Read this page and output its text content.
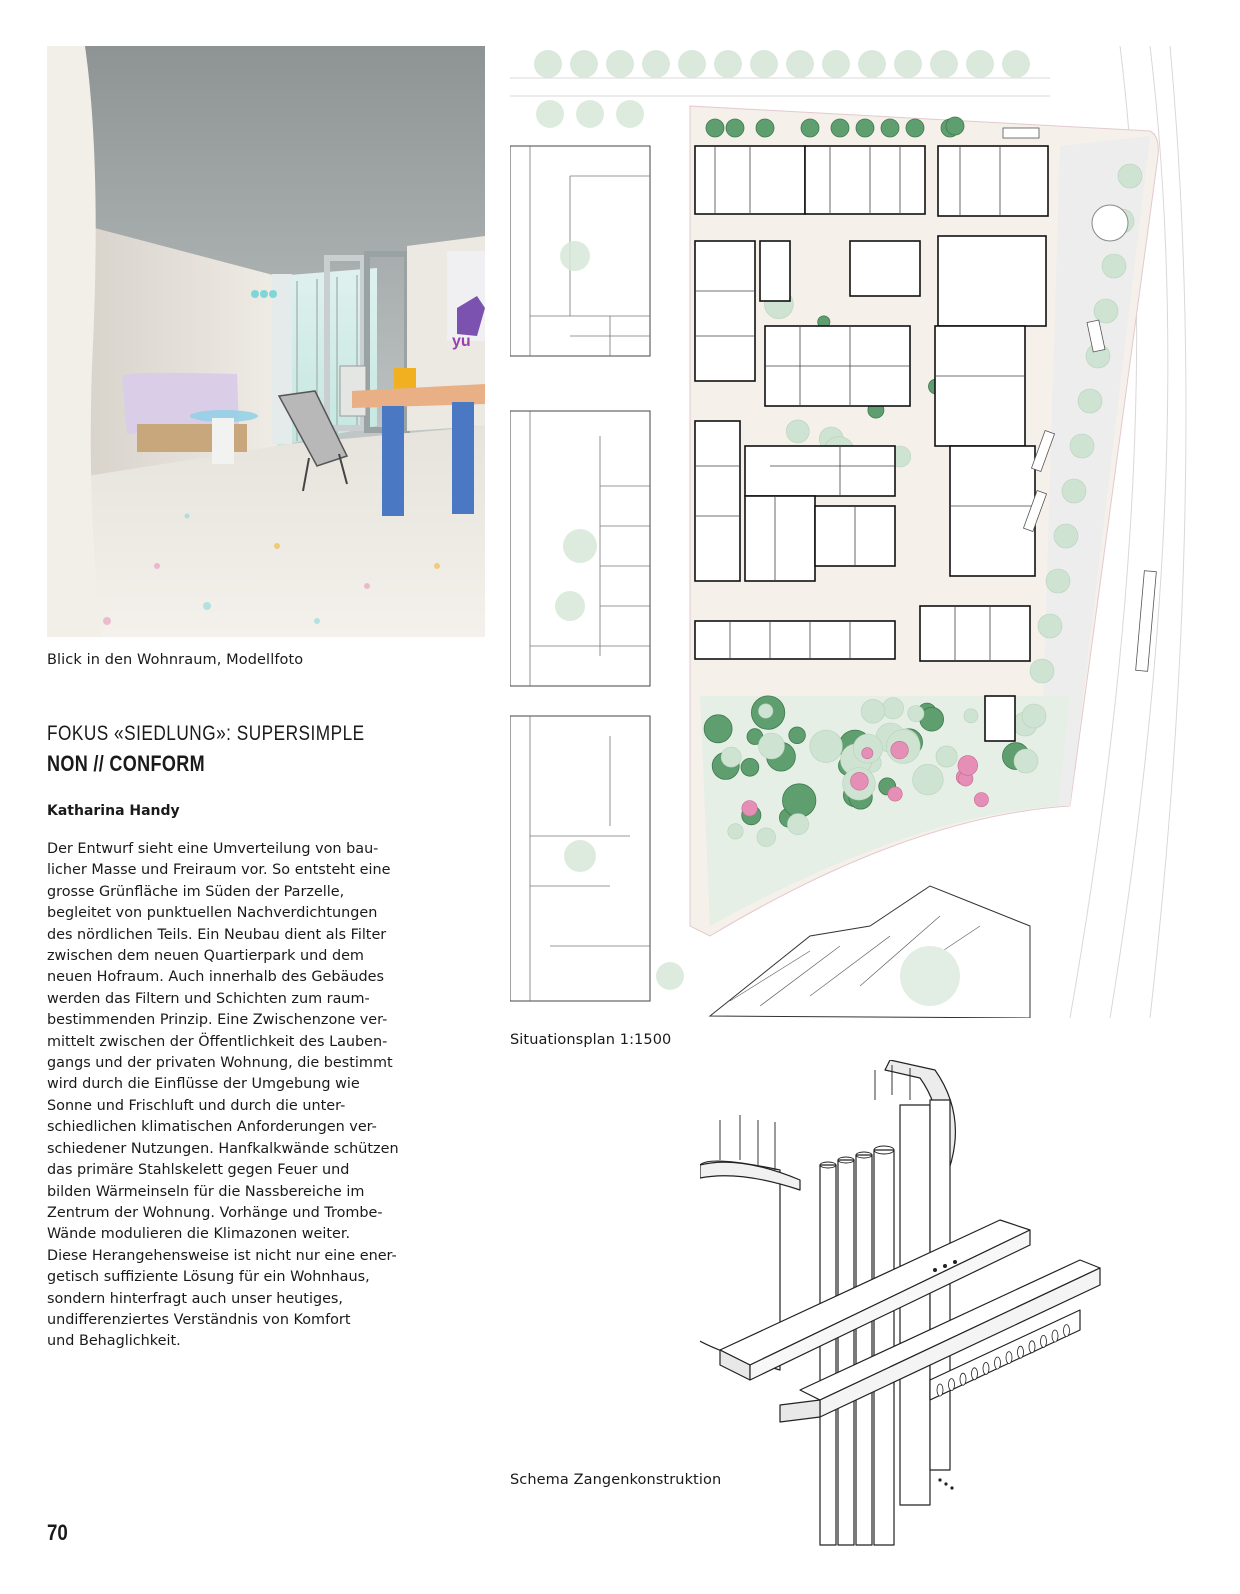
yu
Blick in den Wohnraum, Modellfoto
FOKUS «SIEDLUNG»: SUPERSIMPLE
NON // CONFORM
Katharina Handy
Der Entwurf sieht eine Umverteilung von bau-
licher Masse und Freiraum vor. So entsteht eine
grosse Grünfläche im Süden der Parzelle,
begleitet von punktuellen Nachverdichtungen
des nördlichen Teils. Ein Neubau dient als Filter
zwischen dem neuen Quartierpark und dem
neuen Hofraum. Auch innerhalb des Gebäudes
werden das Filtern und Schichten zum raum-
bestimmenden Prinzip. Eine Zwischenzone ver-
mittelt zwischen der Öffentlichkeit des Lauben-
gangs und der privaten Wohnung, die bestimmt
wird durch die Einflüsse der Umgebung wie
Sonne und Frischluft und durch die unter-
schiedlichen klimatischen Anforderungen ver-
schiedener Nutzungen. Hanfkalkwände schützen
das primäre Stahlskelett gegen Feuer und
bilden Wärmeinseln für die Nassbereiche im
Zentrum der Wohnung. Vorhänge und Trombe-
Wände modulieren die Klimazonen weiter.
Diese Herangehensweise ist nicht nur eine ener-
getisch suffiziente Lösung für ein Wohnhaus,
sondern hinterfragt auch unser heutiges,
undifferenziertes Verständnis von Komfort
und Behaglichkeit.
Situationsplan 1:1500
Schema Zangenkonstruktion
70
